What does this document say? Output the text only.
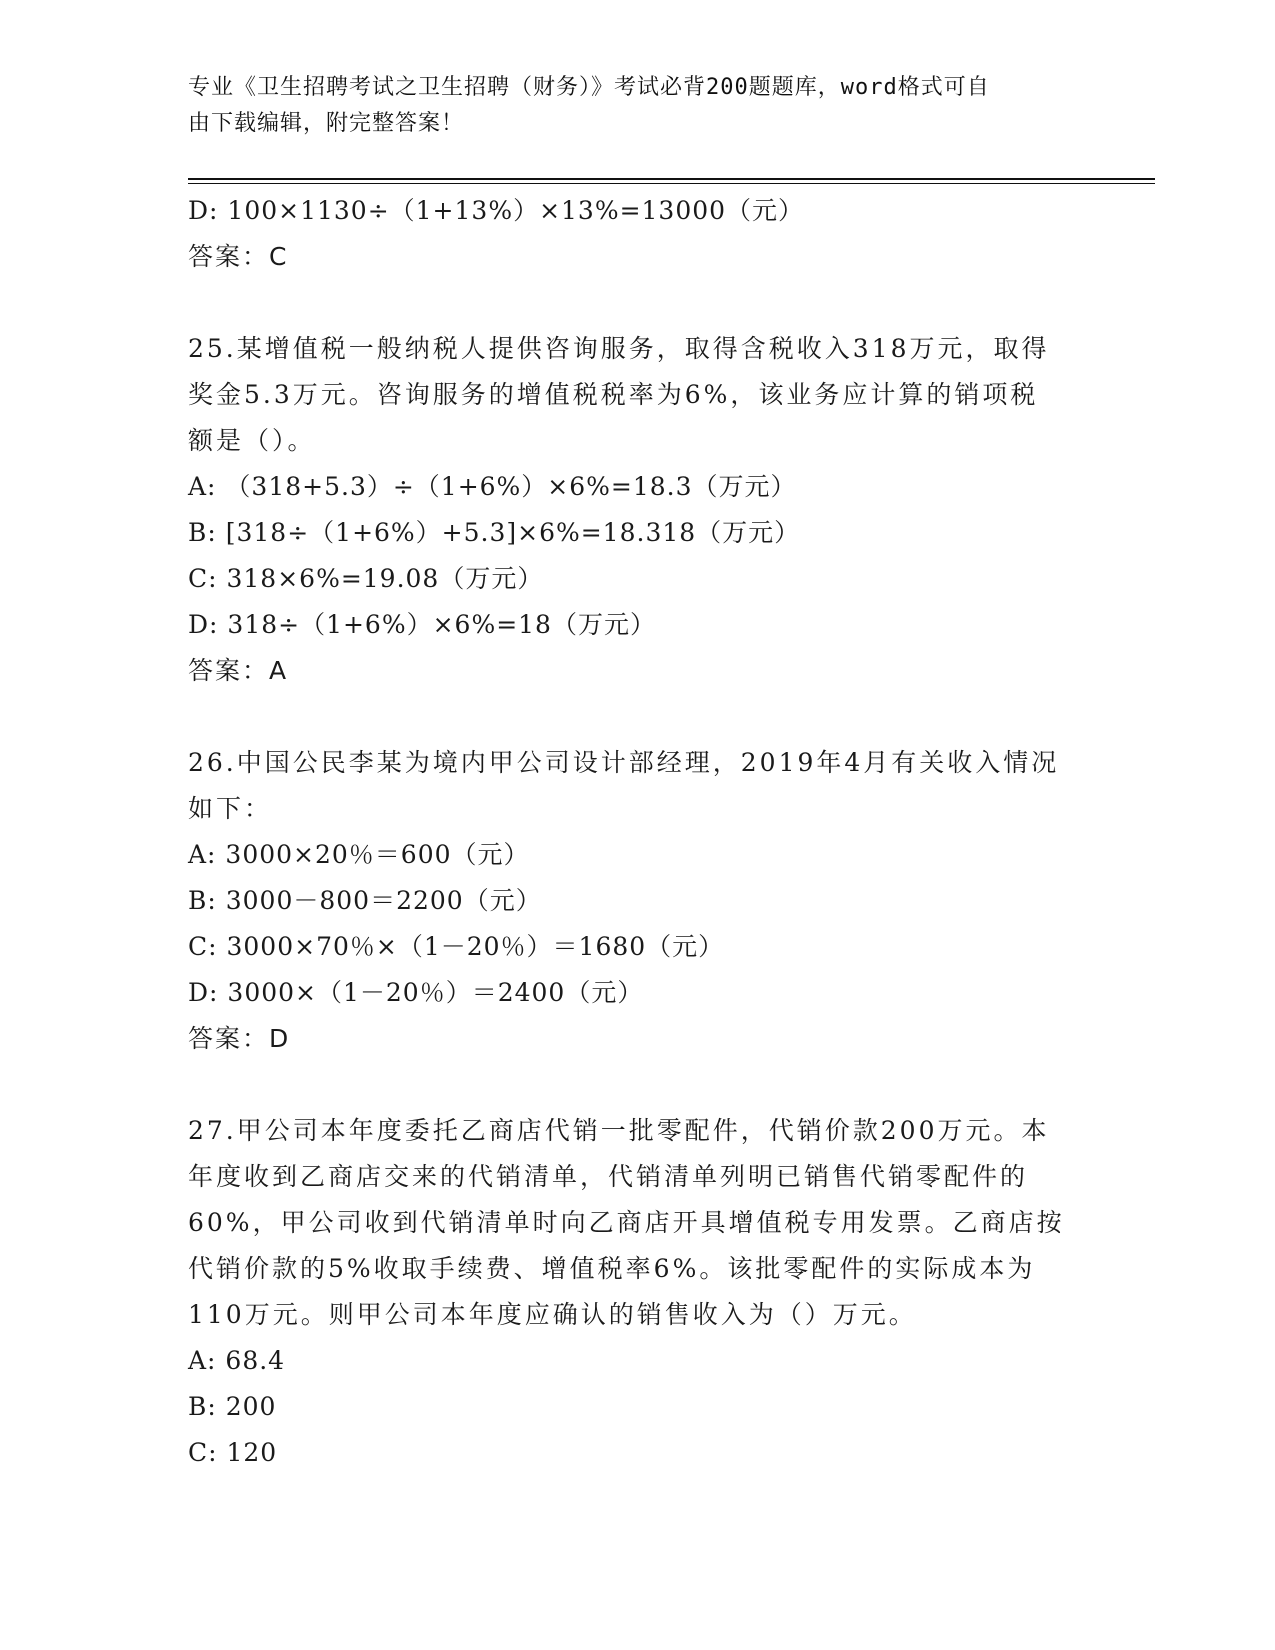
专业《卫生招聘考试之卫生招聘（财务）》考试必背200题题库，word格式可自
由下载编辑，附完整答案！
D: 100×1130÷（1+13%）×13%=13000（元）
答案：C
25.某增值税一般纳税人提供咨询服务，取得含税收入318万元，取得
奖金5.3万元。咨询服务的增值税税率为6%，该业务应计算的销项税
额是（）。
A: （318+5.3）÷（1+6%）×6%=18.3（万元）
B: [318÷（1+6%）+5.3]×6%=18.318（万元）
C: 318×6%=19.08（万元）
D: 318÷（1+6%）×6%=18（万元）
答案：A
26.中国公民李某为境内甲公司设计部经理，2019年4月有关收入情况
如下：
A: 3000×20％＝600（元）
B: 3000－800＝2200（元）
C: 3000×70％×（1－20％）＝1680（元）
D: 3000×（1－20％）＝2400（元）
答案：D
27.甲公司本年度委托乙商店代销一批零配件，代销价款200万元。本
年度收到乙商店交来的代销清单，代销清单列明已销售代销零配件的
60%，甲公司收到代销清单时向乙商店开具增值税专用发票。乙商店按
代销价款的5%收取手续费、增值税率6%。该批零配件的实际成本为
110万元。则甲公司本年度应确认的销售收入为（）万元。
A: 68.4
B: 200
C: 120
